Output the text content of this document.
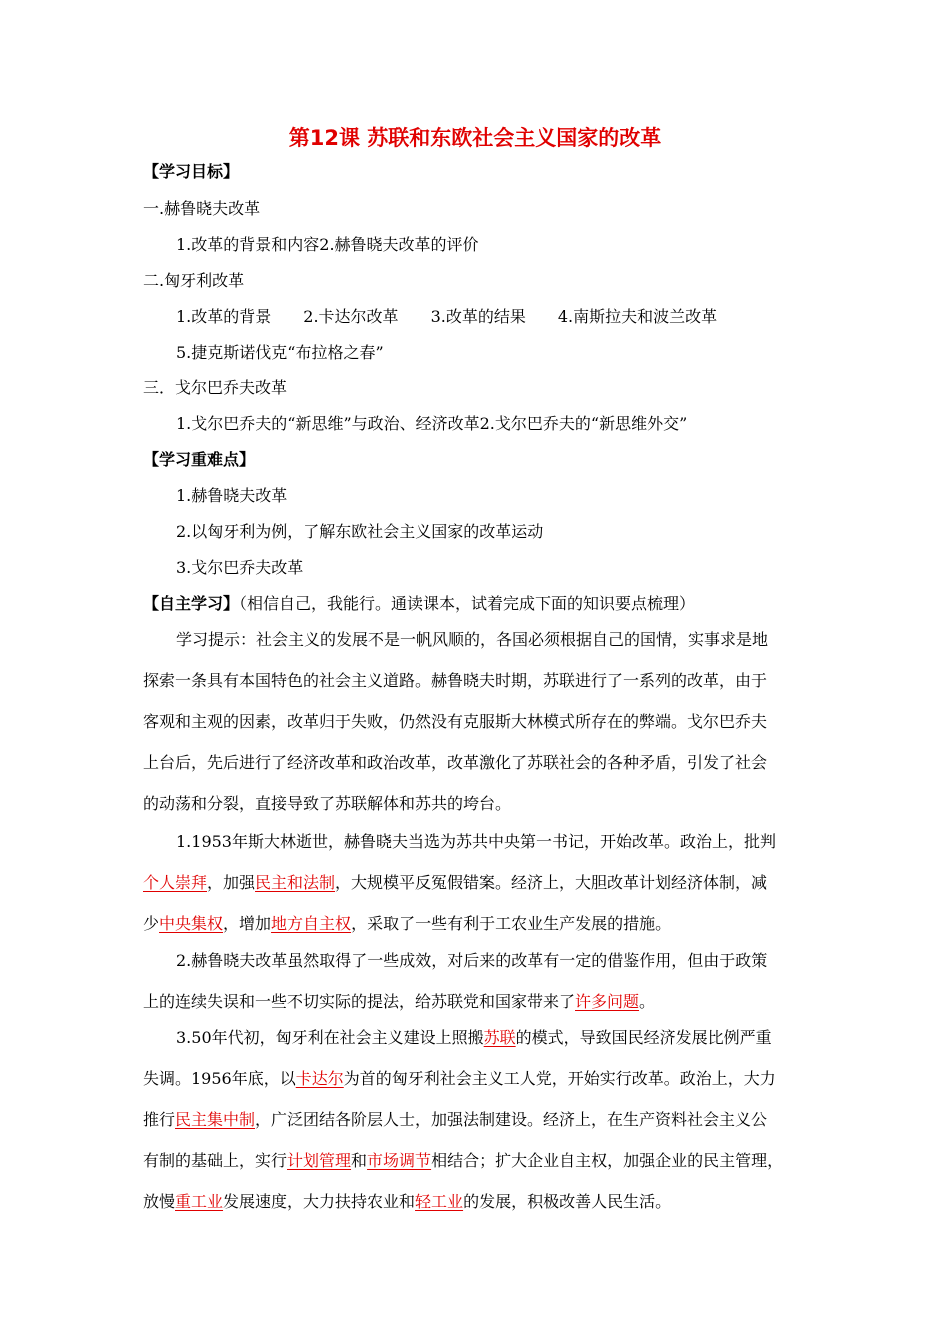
第12课 苏联和东欧社会主义国家的改革
【学习目标】
一.赫鲁晓夫改革
1.改革的背景和内容2.赫鲁晓夫改革的评价
二.匈牙利改革
1.改革的背景 2.卡达尔改革 3.改革的结果 4.南斯拉夫和波兰改革
5.捷克斯诺伐克“布拉格之春”
三．戈尔巴乔夫改革
1.戈尔巴乔夫的“新思维”与政治、经济改革2.戈尔巴乔夫的“新思维外交”
【学习重难点】
1.赫鲁晓夫改革
2.以匈牙利为例，了解东欧社会主义国家的改革运动
3.戈尔巴乔夫改革
【自主学习】（相信自己，我能行。通读课本，试着完成下面的知识要点梳理）
学习提示：社会主义的发展不是一帆风顺的，各国必须根据自己的国情，实事求是地
探索一条具有本国特色的社会主义道路。赫鲁晓夫时期，苏联进行了一系列的改革，由于
客观和主观的因素，改革归于失败，仍然没有克服斯大林模式所存在的弊端。戈尔巴乔夫
上台后，先后进行了经济改革和政治改革，改革激化了苏联社会的各种矛盾，引发了社会
的动荡和分裂，直接导致了苏联解体和苏共的垮台。
1.1953年斯大林逝世，赫鲁晓夫当选为苏共中央第一书记，开始改革。政治上，批判
个人崇拜，加强民主和法制，大规模平反冤假错案。经济上，大胆改革计划经济体制，减
少中央集权，增加地方自主权，采取了一些有利于工农业生产发展的措施。
2.赫鲁晓夫改革虽然取得了一些成效，对后来的改革有一定的借鉴作用，但由于政策
上的连续失误和一些不切实际的提法，给苏联党和国家带来了许多问题。
3.50年代初，匈牙利在社会主义建设上照搬苏联的模式，导致国民经济发展比例严重
失调。1956年底，以卡达尔为首的匈牙利社会主义工人党，开始实行改革。政治上，大力
推行民主集中制，广泛团结各阶层人士，加强法制建设。经济上，在生产资料社会主义公
有制的基础上，实行计划管理和市场调节相结合；扩大企业自主权，加强企业的民主管理，
放慢重工业发展速度，大力扶持农业和轻工业的发展，积极改善人民生活。
